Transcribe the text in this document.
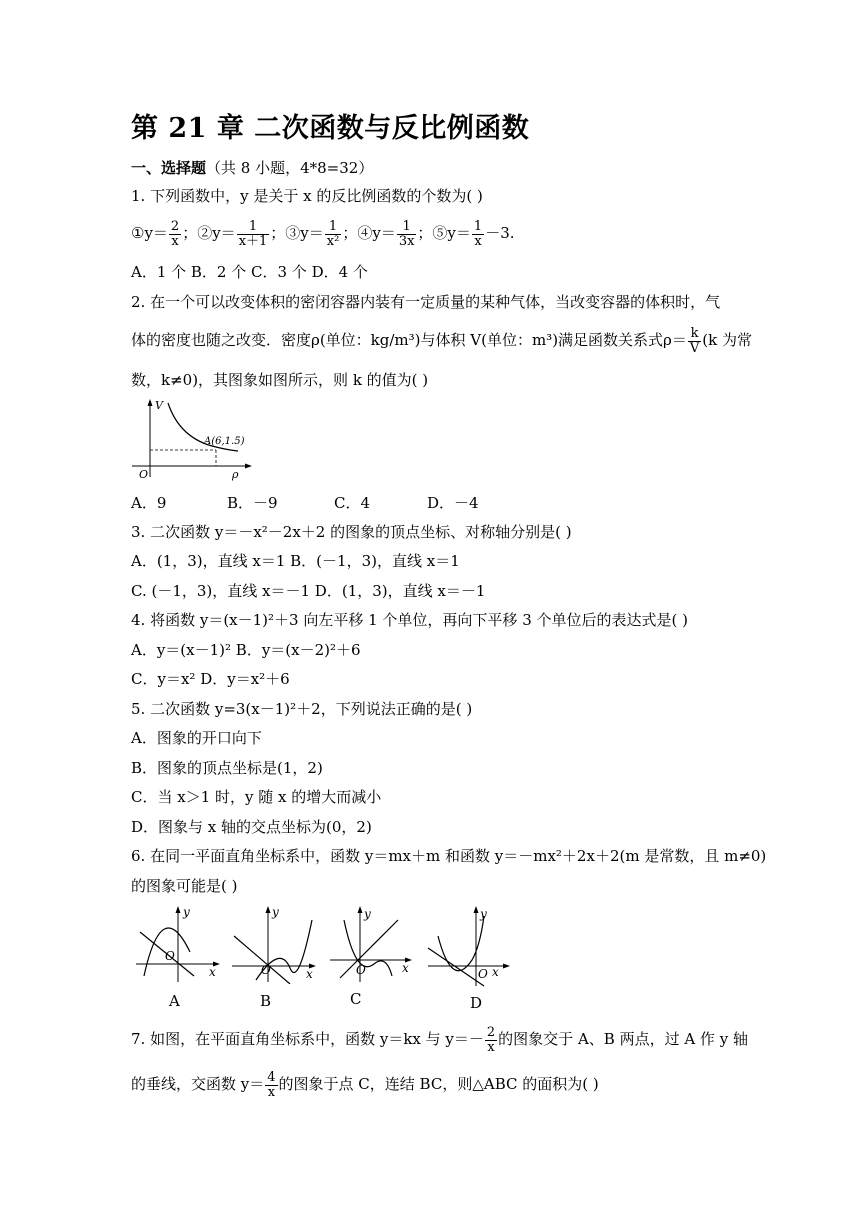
第 21 章 二次函数与反比例函数
一、选择题（共 8 小题，4*8=32）
1. 下列函数中，y 是关于 x 的反比例函数的个数为( )
①y＝ $\frac{2}{x}$ ；②y＝ $\frac{1}{x+1}$ ；③y＝ $\frac{1}{\text{x²}}$ ；④y＝ $\frac{1}{3x}$ ；⑤y＝ $\frac{1}{x} -3$.
A．1 个 B．2 个 C．3 个 D．4 个
2. 在一个可以改变体积的密闭容器内装有一定质量的某种气体，当改变容器的体积时，气
体的密度也随之改变．密度ρ(单位：kg/m³)与体积 V(单位：m³)满足函数关系式$\rho= \frac{k}{V} (k$ 为常
数，k≠0)，其图象如图所示，则 k 的值为( )
V
O	ρ
A(6,1.5)
A．9	B．－9	C．4	D．－4
3. 二次函数 y＝－x²－2x＋2 的图象的顶点坐标、对称轴分别是( )
A．(1，3)，直线 x＝1 B．(－1，3)，直线 x＝1
C. (－1，3)，直线 x＝－1 D．(1，3)，直线 x＝－1
4. 将函数 y＝(x－1)²＋3 向左平移 1 个单位，再向下平移 3 个单位后的表达式是( )
A．y＝(x－1)² B．y＝(x－2)²＋6
C．y＝x² D．y＝x²＋6
5. 二次函数 y=3(x－1)²＋2，下列说法正确的是( )
A．图象的开口向下
B．图象的顶点坐标是(1，2)
C．当 x＞1 时，y 随 x 的增大而减小
D．图象与 x 轴的交点坐标为(0，2)
6. 在同一平面直角坐标系中，函数 y＝mx＋m 和函数 y＝－mx²＋2x＋2(m 是常数，且 m≠0)
的图象可能是( )
y
x
O
A
y
x
O
B
y
x
O
C
y
x
O
D
7. 如图，在平面直角坐标系中，函数 y＝kx 与 $y=- \frac{2}{x}$ 的图象交于 A、B 两点，过 A 作 y 轴
的垂线，交函数 $y= \frac{4}{x}$ 的图象于点 C，连结 BC，则△ABC 的面积为( )
